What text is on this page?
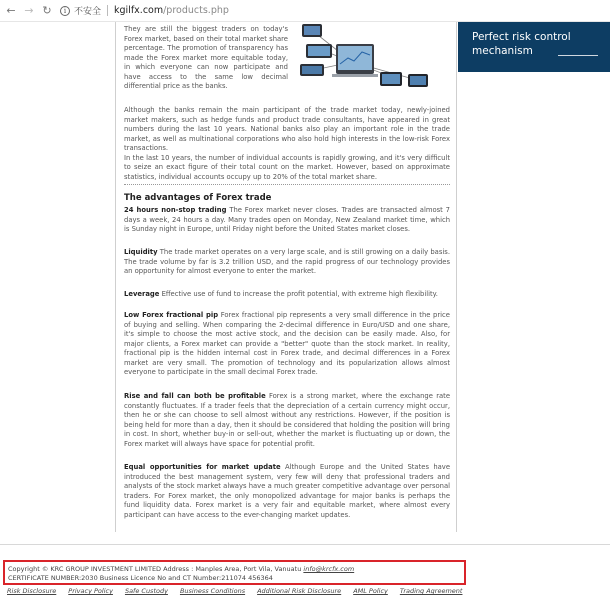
← → ↻	i 不安全 kgilfx.com/products.php

They are still the biggest traders on today's Forex market, based on their total market share percentage. The promotion of transparency has made the Forex market more equitable today, in which everyone can now participate and have access to the same low decimal differential price as the banks.

Although the banks remain the main participant of the trade market today, newly-joined market makers, such as hedge funds and product trade consultants, have appeared in great numbers during the last 10 years. National banks also play an important role in the trade market, as well as multinational corporations who also hold high interests in the low-risk Forex transactions.

In the last 10 years, the number of individual accounts is rapidly growing, and it's very difficult to seize an exact figure of their total count on the market. However, based on approximate statistics, individual accounts occupy up to 20% of the total market share.

The advantages of Forex trade

24 hours non-stop trading The Forex market never closes. Trades are transacted almost 7 days a week, 24 hours a day. Many trades open on Monday, New Zealand market time, which is Sunday night in Europe, until Friday night before the United States market closes.

Liquidity The trade market operates on a very large scale, and is still growing on a daily basis. The trade volume by far is 3.2 trillion USD, and the rapid progress of our technology provides an opportunity for almost everyone to enter the market.

Leverage Effective use of fund to increase the profit potential, with extreme high flexibility.

Low Forex fractional pip Forex fractional pip represents a very small difference in the price of buying and selling. When comparing the 2-decimal difference in Euro/USD and one share, it's simple to choose the most active stock, and the decision can be easily made. Also, for major clients, a Forex market can provide a "better" quote than the stock market. In reality, fractional pip is the hidden internal cost in Forex trade, and decimal differences in a Forex market are very small. The promotion of technology and its popularization allows almost everyone to participate in the small decimal Forex trade.

Rise and fall can both be profitable Forex is a strong market, where the exchange rate constantly fluctuates. If a trader feels that the depreciation of a certain currency might occur, then he or she can choose to sell almost without any restrictions. However, if the position is being held for more than a day, then it should be considered that holding the position will bring in cost. In short, whether buy-in or sell-out, whether the market is fluctuating up or down, the Forex market will always have space for potential profit.

Equal opportunities for market update Although Europe and the United States have introduced the best management system, very few will deny that professional traders and analysts of the stock market always have a much greater competitive advantage over personal traders. For Forex market, the only monopolized advantage for major banks is perhaps the fund liquidity data. Forex market is a very fair and equitable market, where almost every participant can have access to the ever-changing market updates.

Perfect risk control
mechanism
Copyright © KRC GROUP INVESTMENT LIMITED Address : Manples Area, Port Vila, Vanuatu info@krcfx.com
CERTIFICATE NUMBER:2030 Business Licence No and CT Number:211074 456364
Risk Disclosure Privacy Policy Safe Custody Business Conditions Additional Risk Disclosure AML Policy Trading Agreement
